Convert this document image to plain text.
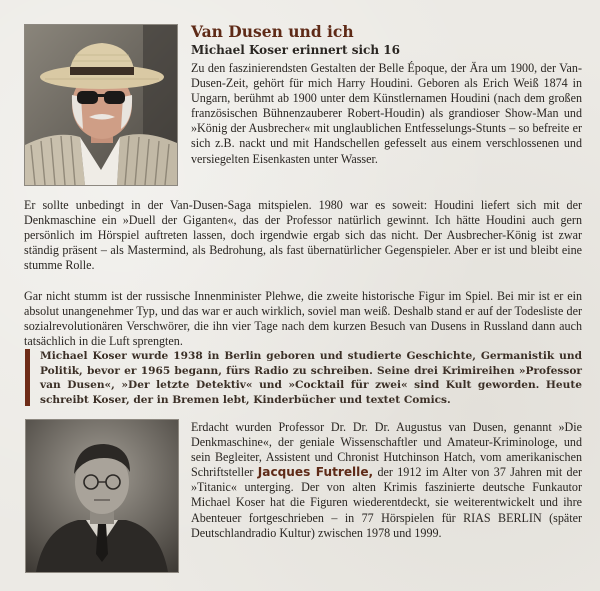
Van Dusen und ich
Michael Koser erinnert sich 16

Zu den faszinierendsten Gestalten der Belle Époque, der Ära um 1900, der Van-Dusen-Zeit, gehört für mich Harry Houdini. Geboren als Erich Weiß 1874 in Ungarn, berühmt ab 1900 unter dem Künstlernamen Houdini (nach dem großen französischen Bühnenzauberer Robert-Houdin) als grandioser Show-Man und »König der Ausbrecher« mit unglaublichen Entfesselungs-Stunts – so befreite er sich z.B. nackt und mit Handschellen gefesselt aus einem verschlossenen und versiegelten Eisenkasten unter Wasser.

Er sollte unbedingt in der Van-Dusen-Saga mitspielen. 1980 war es soweit: Houdini liefert sich mit der Denkmaschine ein »Duell der Giganten«, das der Professor natürlich gewinnt. Ich hätte Houdini auch gern persönlich im Hörspiel auftreten lassen, doch irgendwie ergab sich das nicht. Der Ausbrecher-König ist zwar ständig präsent – als Mastermind, als Bedrohung, als fast übernatürlicher Gegenspieler. Aber er ist und bleibt eine stumme Rolle.

Gar nicht stumm ist der russische Innenminister Plehwe, die zweite historische Figur im Spiel. Bei mir ist er ein absolut unangenehmer Typ, und das war er auch wirklich, soviel man weiß. Deshalb stand er auf der Todesliste der sozialrevolutionären Verschwörer, die ihn vier Tage nach dem kurzen Besuch van Dusens in Russland dann auch tatsächlich in die Luft sprengten.

Michael Koser wurde 1938 in Berlin geboren und studierte Geschichte, Germanistik und Politik, bevor er 1965 begann, fürs Radio zu schreiben. Seine drei Krimireihen »Professor van Dusen«, »Der letzte Detektiv« und »Cocktail für zwei« sind Kult geworden. Heute schreibt Koser, der in Bremen lebt, Kinderbücher und textet Comics.

Erdacht wurden Professor Dr. Dr. Dr. Augustus van Dusen, genannt »Die Denkmaschine«, der geniale Wissenschaftler und Amateur-Kriminologe, und sein Begleiter, Assistent und Chronist Hutchinson Hatch, vom amerikanischen Schriftsteller Jacques Futrelle, der 1912 im Alter von 37 Jahren mit der »Titanic« unterging. Der von alten Krimis faszinierte deutsche Funkautor Michael Koser hat die Figuren wiederentdeckt, sie weiterentwickelt und ihre Abenteuer fortgeschrieben – in 77 Hörspielen für RIAS BERLIN (später Deutschlandradio Kultur) zwischen 1978 und 1999.
